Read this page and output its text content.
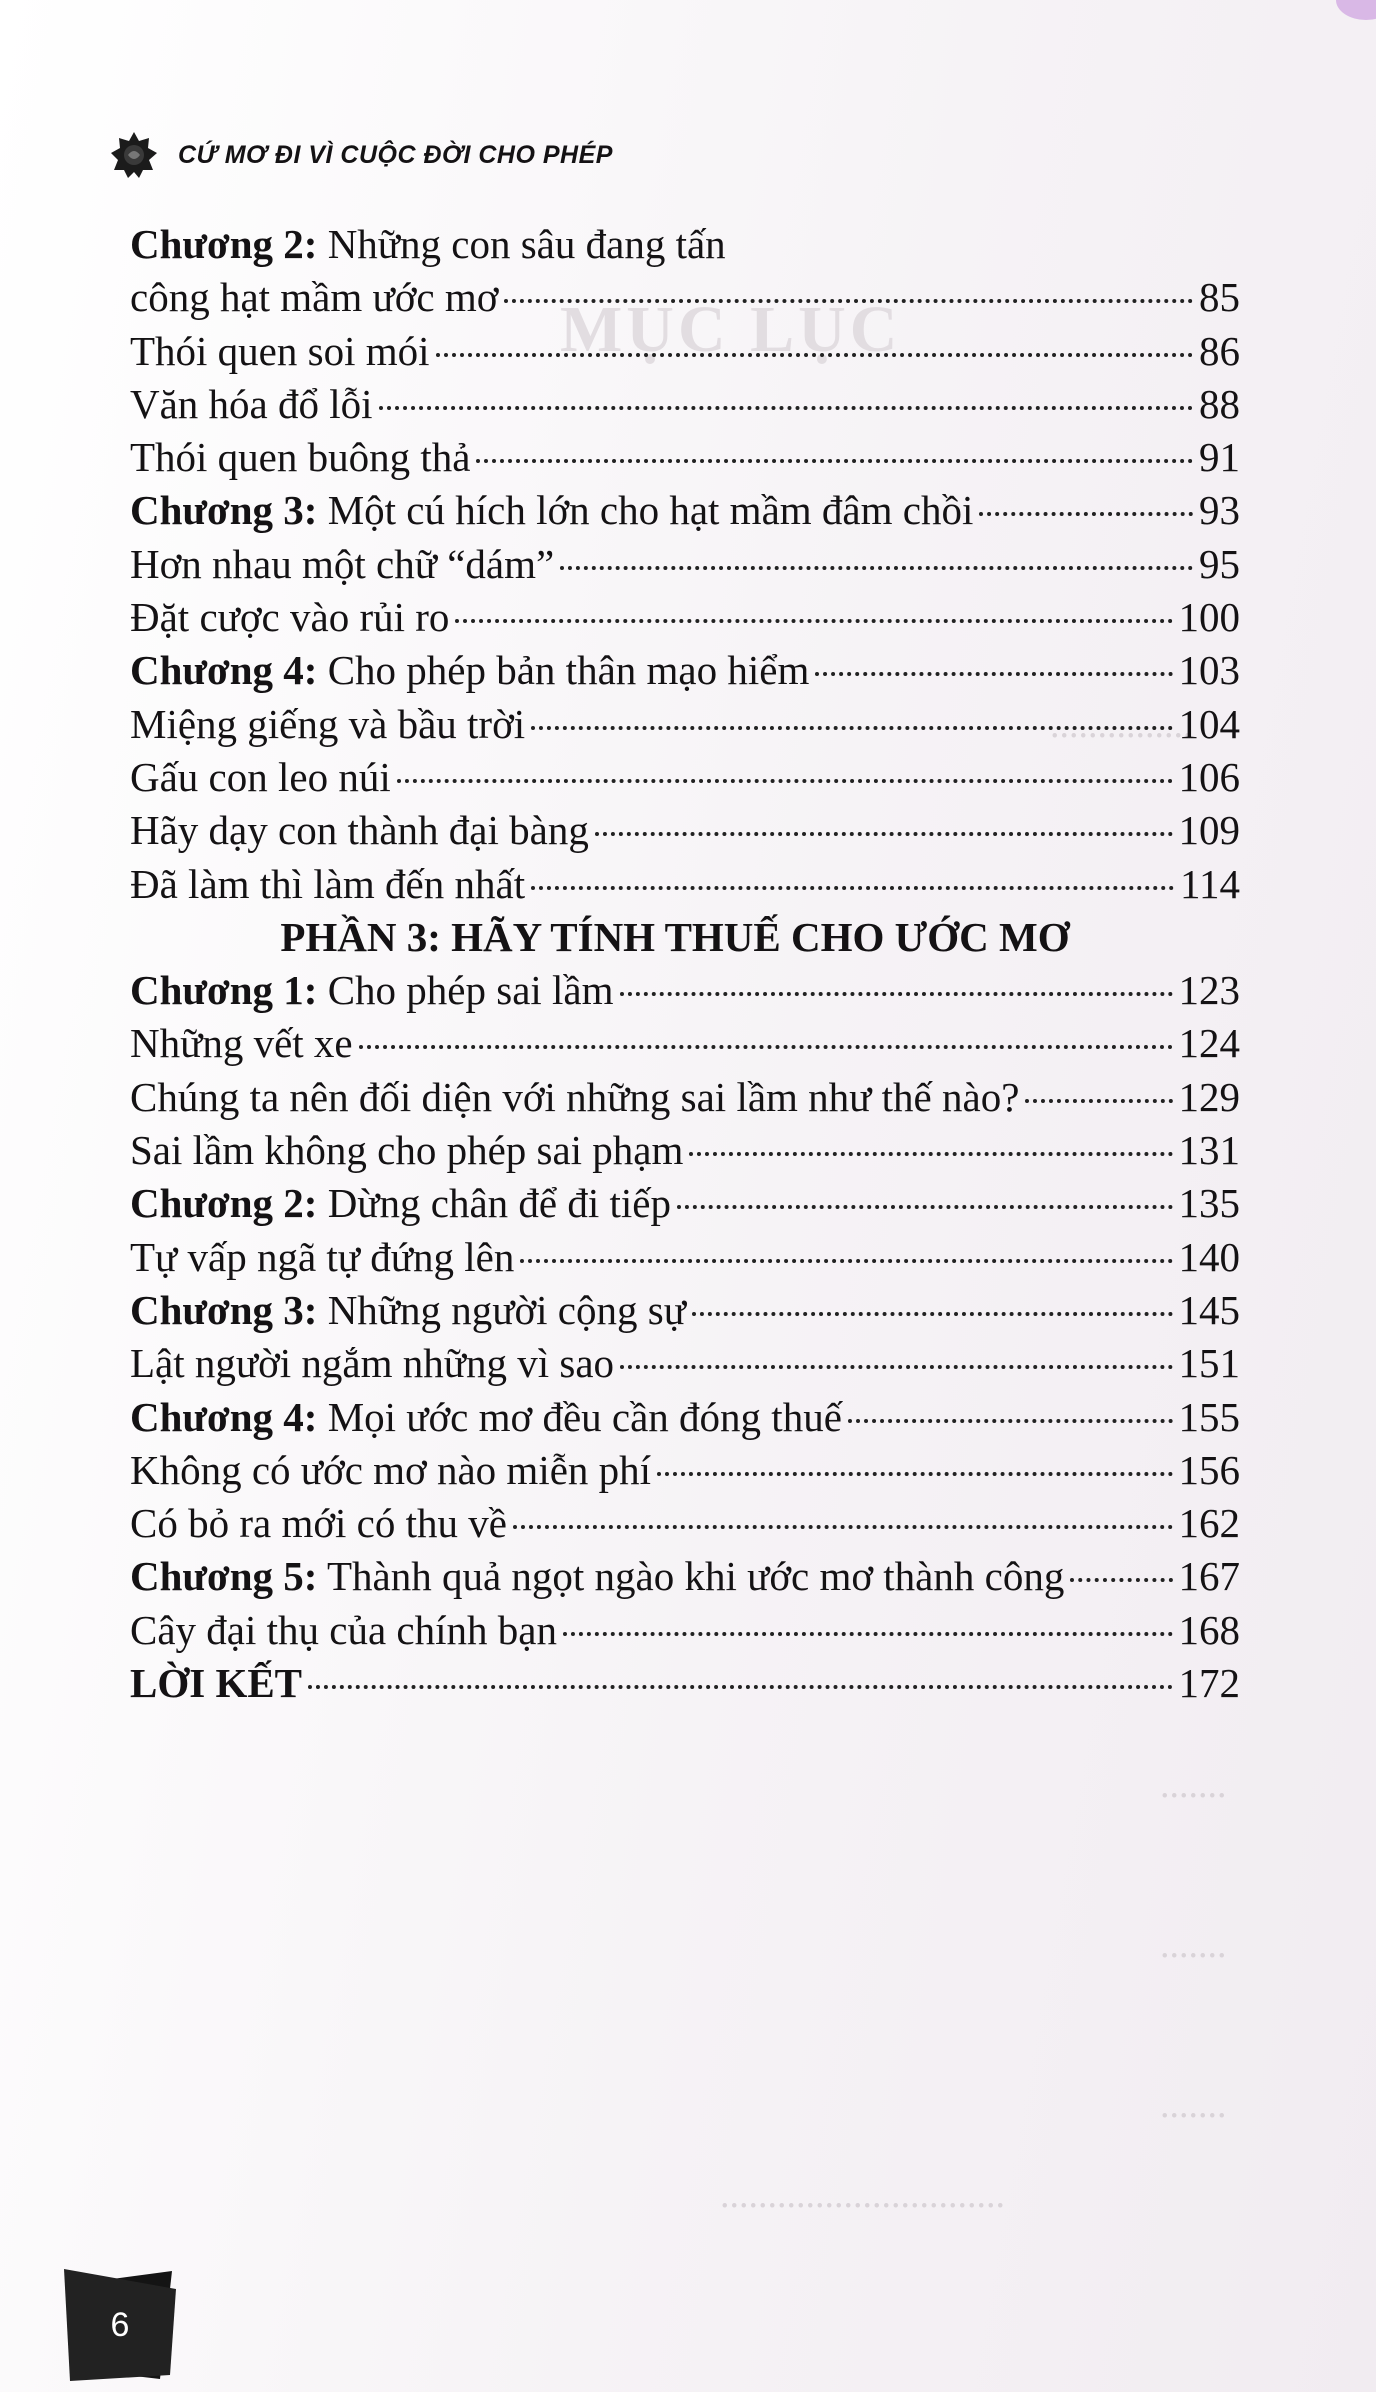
MỤC LỤC
...............
.......
.......
.......
..............................
CỨ MƠ ĐI VÌ CUỘC ĐỜI CHO PHÉP
Chương 2: Những con sâu đang tấn
công hạt mầm ước mơ	85
Thói quen soi mói	86
Văn hóa đổ lỗi	88
Thói quen buông thả	91
Chương 3: Một cú hích lớn cho hạt mầm đâm chồi	93
Hơn nhau một chữ “dám”	95
Đặt cược vào rủi ro	100
Chương 4: Cho phép bản thân mạo hiểm	103
Miệng giếng và bầu trời	104
Gấu con leo núi	106
Hãy dạy con thành đại bàng	109
Đã làm thì làm đến nhất	114
PHẦN 3: HÃY TÍNH THUẾ CHO ƯỚC MƠ
Chương 1: Cho phép sai lầm	123
Những vết xe	124
Chúng ta nên đối diện với những sai lầm như thế nào?	129
Sai lầm không cho phép sai phạm	131
Chương 2: Dừng chân để đi tiếp	135
Tự vấp ngã tự đứng lên	140
Chương 3: Những người cộng sự	145
Lật người ngắm những vì sao	151
Chương 4: Mọi ước mơ đều cần đóng thuế	155
Không có ước mơ nào miễn phí	156
Có bỏ ra mới có thu về	162
Chương 5: Thành quả ngọt ngào khi ước mơ thành công	167
Cây đại thụ của chính bạn	168
LỜI KẾT	172
6
